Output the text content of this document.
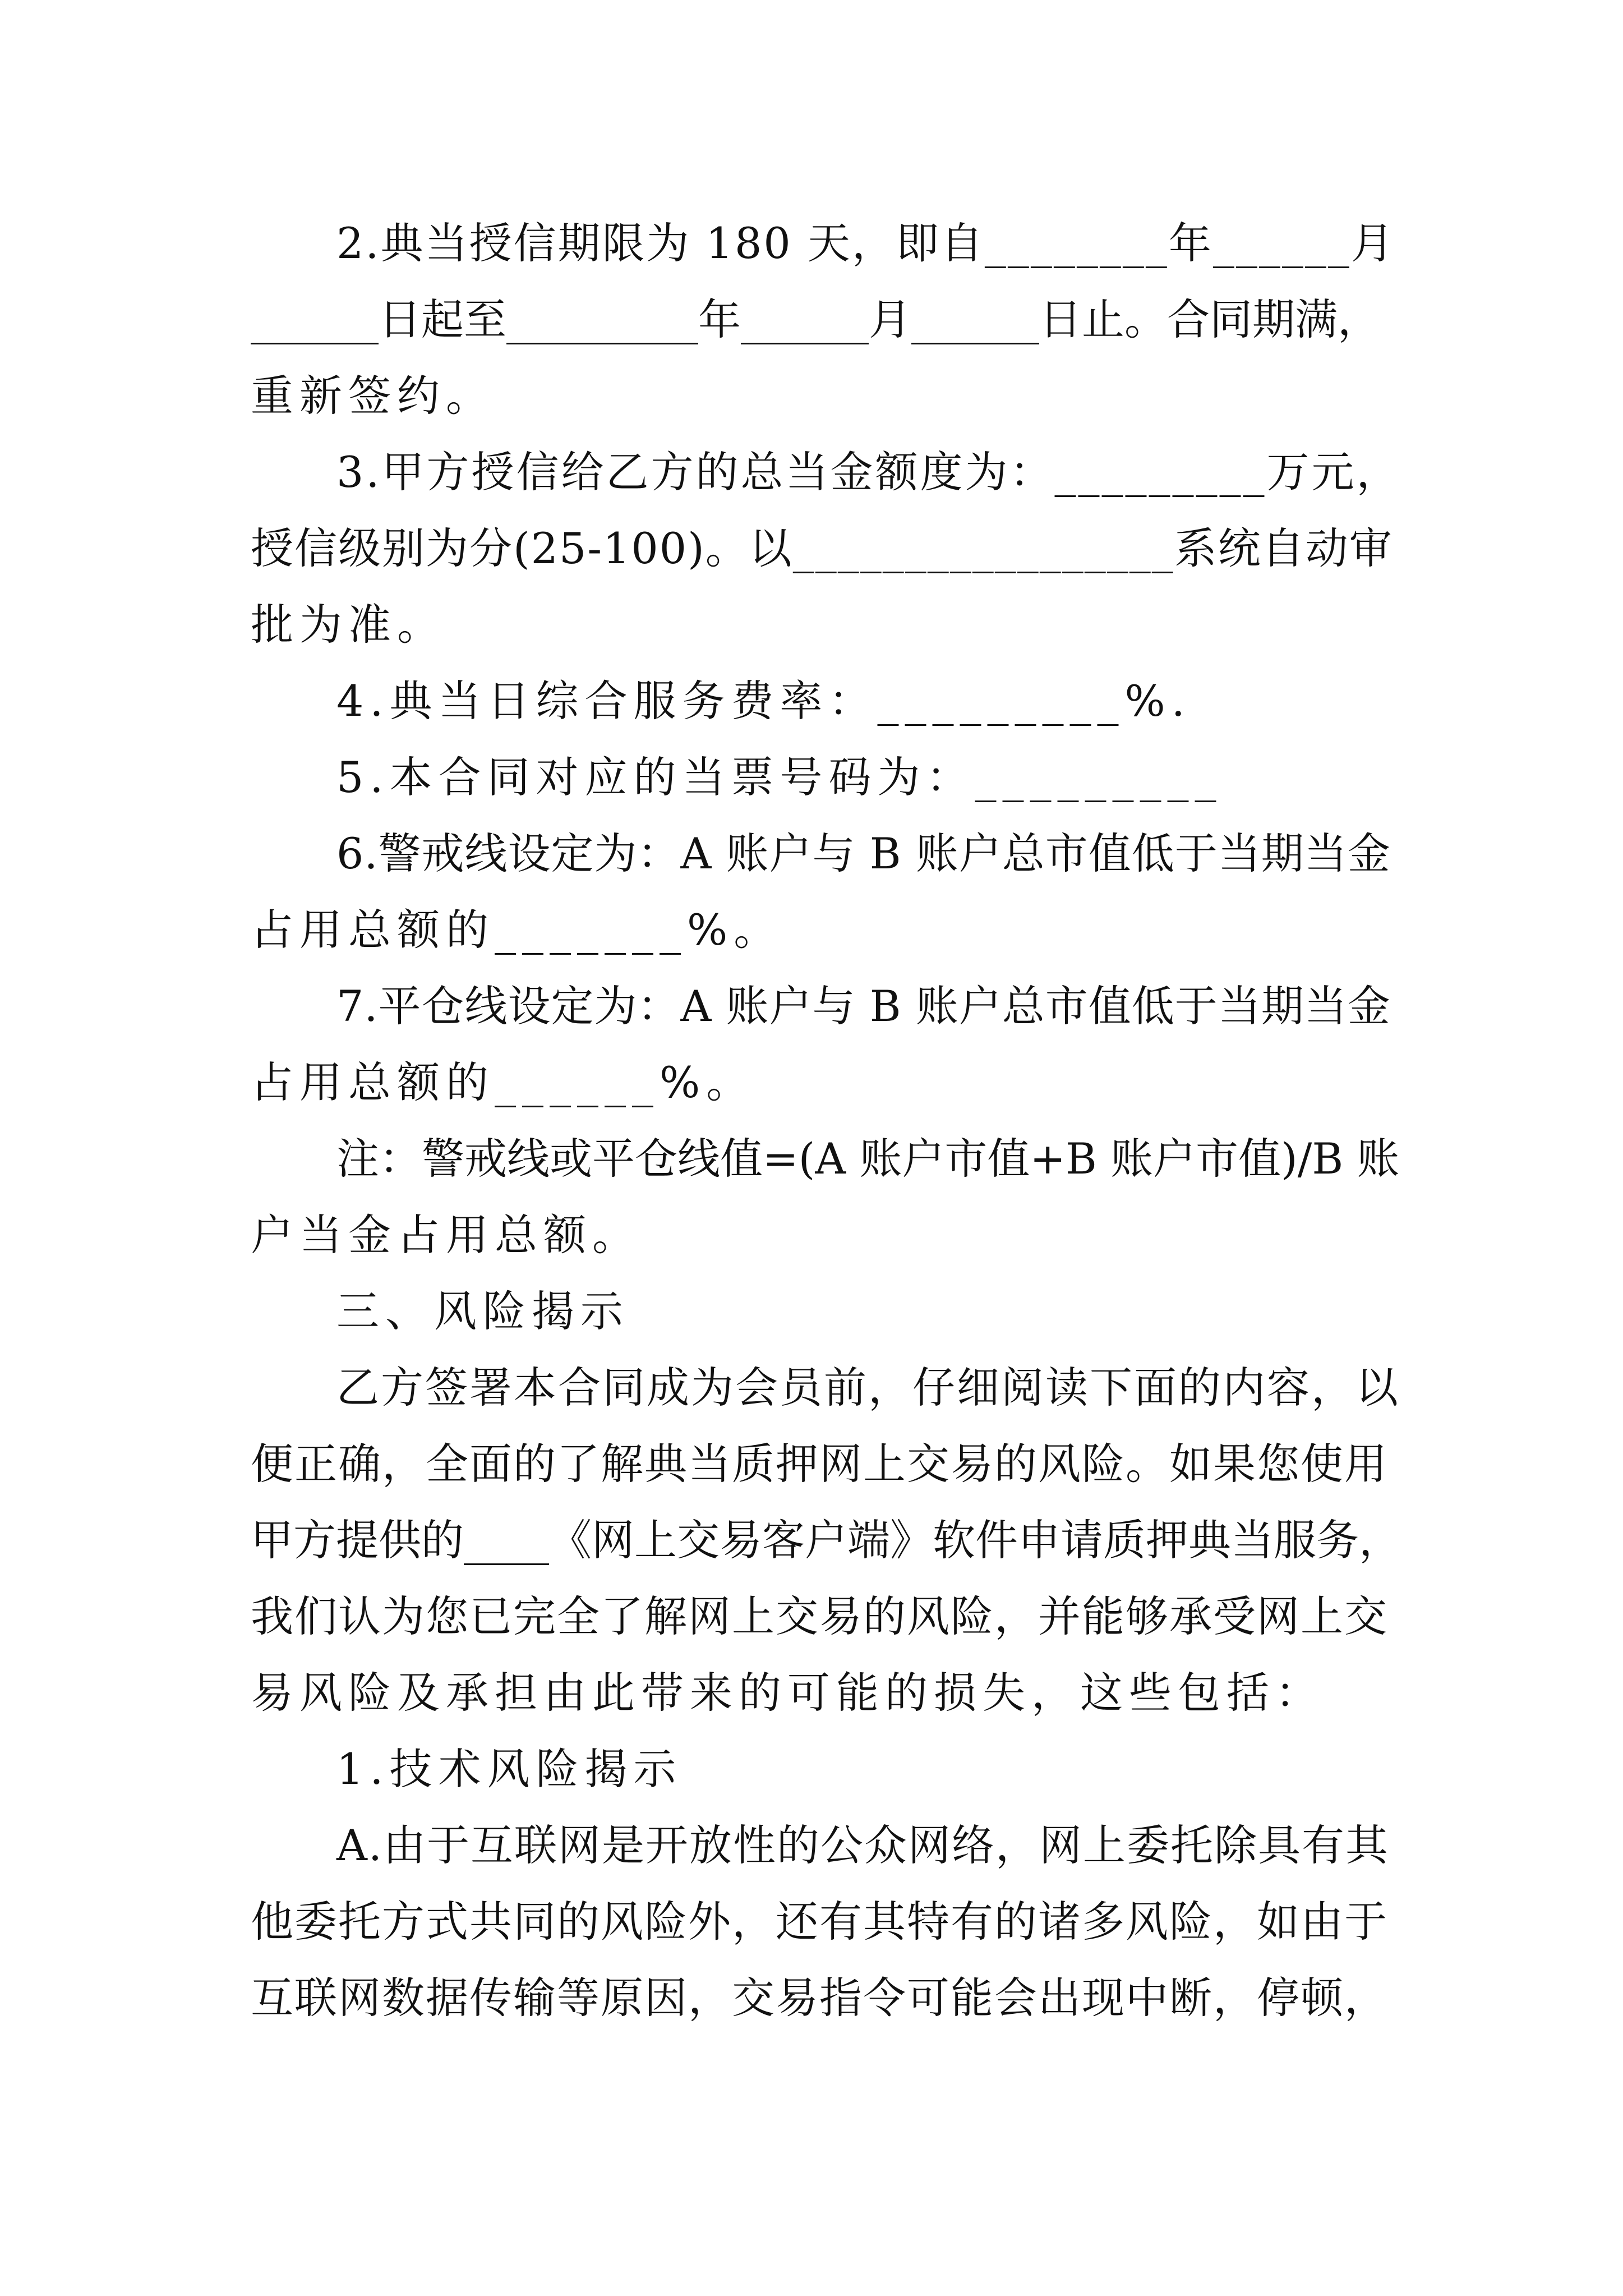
2.典当授信期限为 180 天，即自________年______月
______日起至_________年______月______日止。合同期满，
重新签约。
3.甲方授信给乙方的总当金额度为：_________万元，
授信级别为分(25-100)。以_________________系统自动审
批为准。
4.典当日综合服务费率：_________%.
5.本合同对应的当票号码为：_________
6.警戒线设定为：A 账户与 B 账户总市值低于当期当金
占用总额的_______%。
7.平仓线设定为：A 账户与 B 账户总市值低于当期当金
占用总额的______%。
注：警戒线或平仓线值=(A 账户市值+B 账户市值)/B 账
户当金占用总额。
三、风险揭示
乙方签署本合同成为会员前，仔细阅读下面的内容，以
便正确，全面的了解典当质押网上交易的风险。如果您使用
甲方提供的____《网上交易客户端》软件申请质押典当服务，
我们认为您已完全了解网上交易的风险，并能够承受网上交
易风险及承担由此带来的可能的损失，这些包括：
1.技术风险揭示
A.由于互联网是开放性的公众网络，网上委托除具有其
他委托方式共同的风险外，还有其特有的诸多风险，如由于
互联网数据传输等原因，交易指令可能会出现中断，停顿，
